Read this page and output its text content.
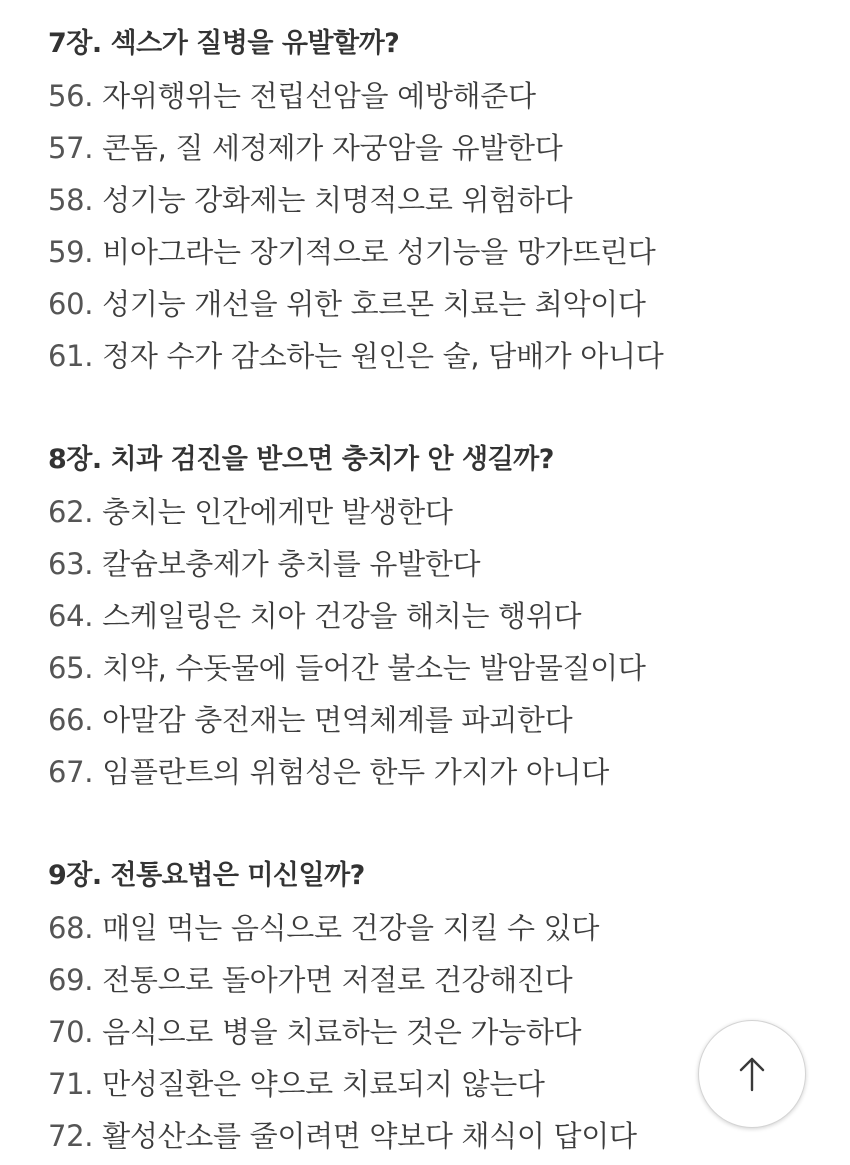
7장. 섹스가 질병을 유발할까?
56. 자위행위는 전립선암을 예방해준다
57. 콘돔, 질 세정제가 자궁암을 유발한다
58. 성기능 강화제는 치명적으로 위험하다
59. 비아그라는 장기적으로 성기능을 망가뜨린다
60. 성기능 개선을 위한 호르몬 치료는 최악이다
61. 정자 수가 감소하는 원인은 술, 담배가 아니다
8장. 치과 검진을 받으면 충치가 안 생길까?
62. 충치는 인간에게만 발생한다
63. 칼슘보충제가 충치를 유발한다
64. 스케일링은 치아 건강을 해치는 행위다
65. 치약, 수돗물에 들어간 불소는 발암물질이다
66. 아말감 충전재는 면역체계를 파괴한다
67. 임플란트의 위험성은 한두 가지가 아니다
9장. 전통요법은 미신일까?
68. 매일 먹는 음식으로 건강을 지킬 수 있다
69. 전통으로 돌아가면 저절로 건강해진다
70. 음식으로 병을 치료하는 것은 가능하다
71. 만성질환은 약으로 치료되지 않는다
72. 활성산소를 줄이려면 약보다 채식이 답이다
